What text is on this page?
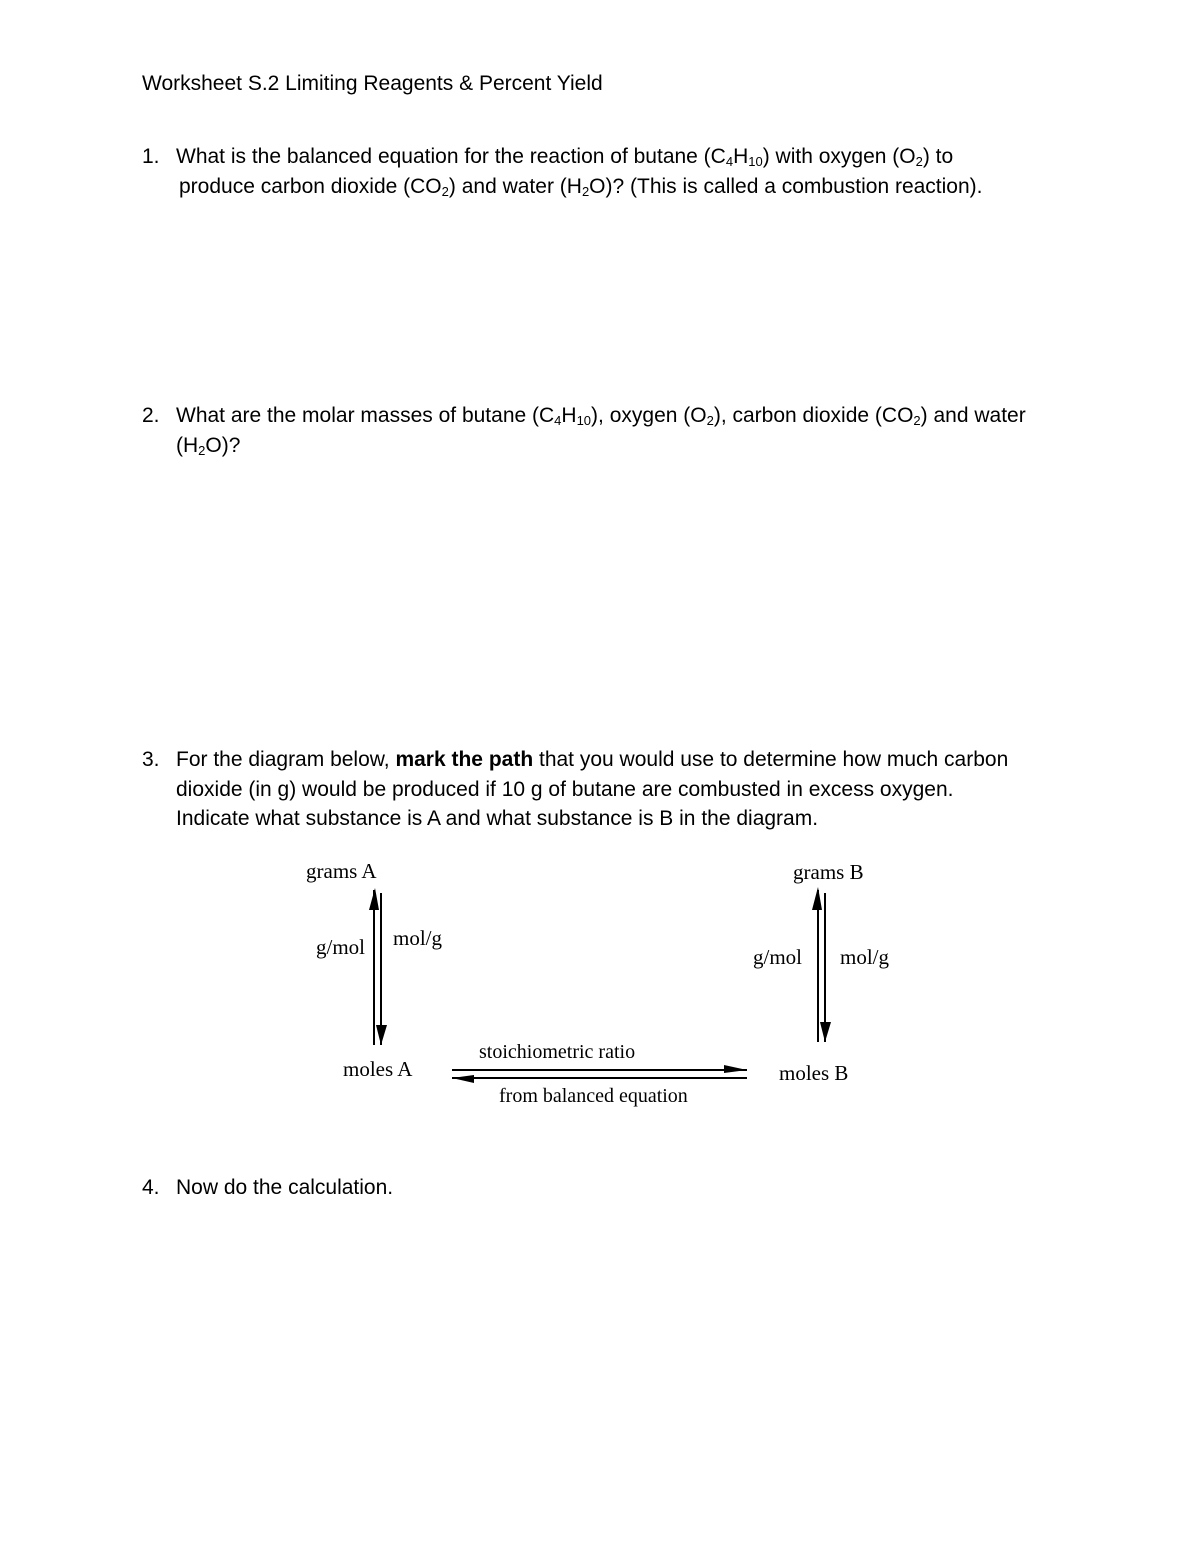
Worksheet S.2 Limiting Reagents & Percent Yield
1. What is the balanced equation for the reaction of butane $(C_4H_{10})$ with oxygen $(O_2)$ to
produce carbon dioxide $(CO_2)$ and water $(H_2O)$? (This is called a combustion reaction).
2. What are the molar masses of butane $(C_4H_{10})$, oxygen $(O_2)$, carbon dioxide $(CO_2)$ and water
$(H_2O)$?
3. For the diagram below, mark the path that you would use to determine how much carbon
dioxide (in g) would be produced if 10 g of butane are combusted in excess oxygen.
Indicate what substance is A and what substance is B in the diagram.
grams A
g/mol mol/g
moles A
grams B
g/mol mol/g
moles B
stoichiometric ratio
from balanced equation
4. Now do the calculation.
